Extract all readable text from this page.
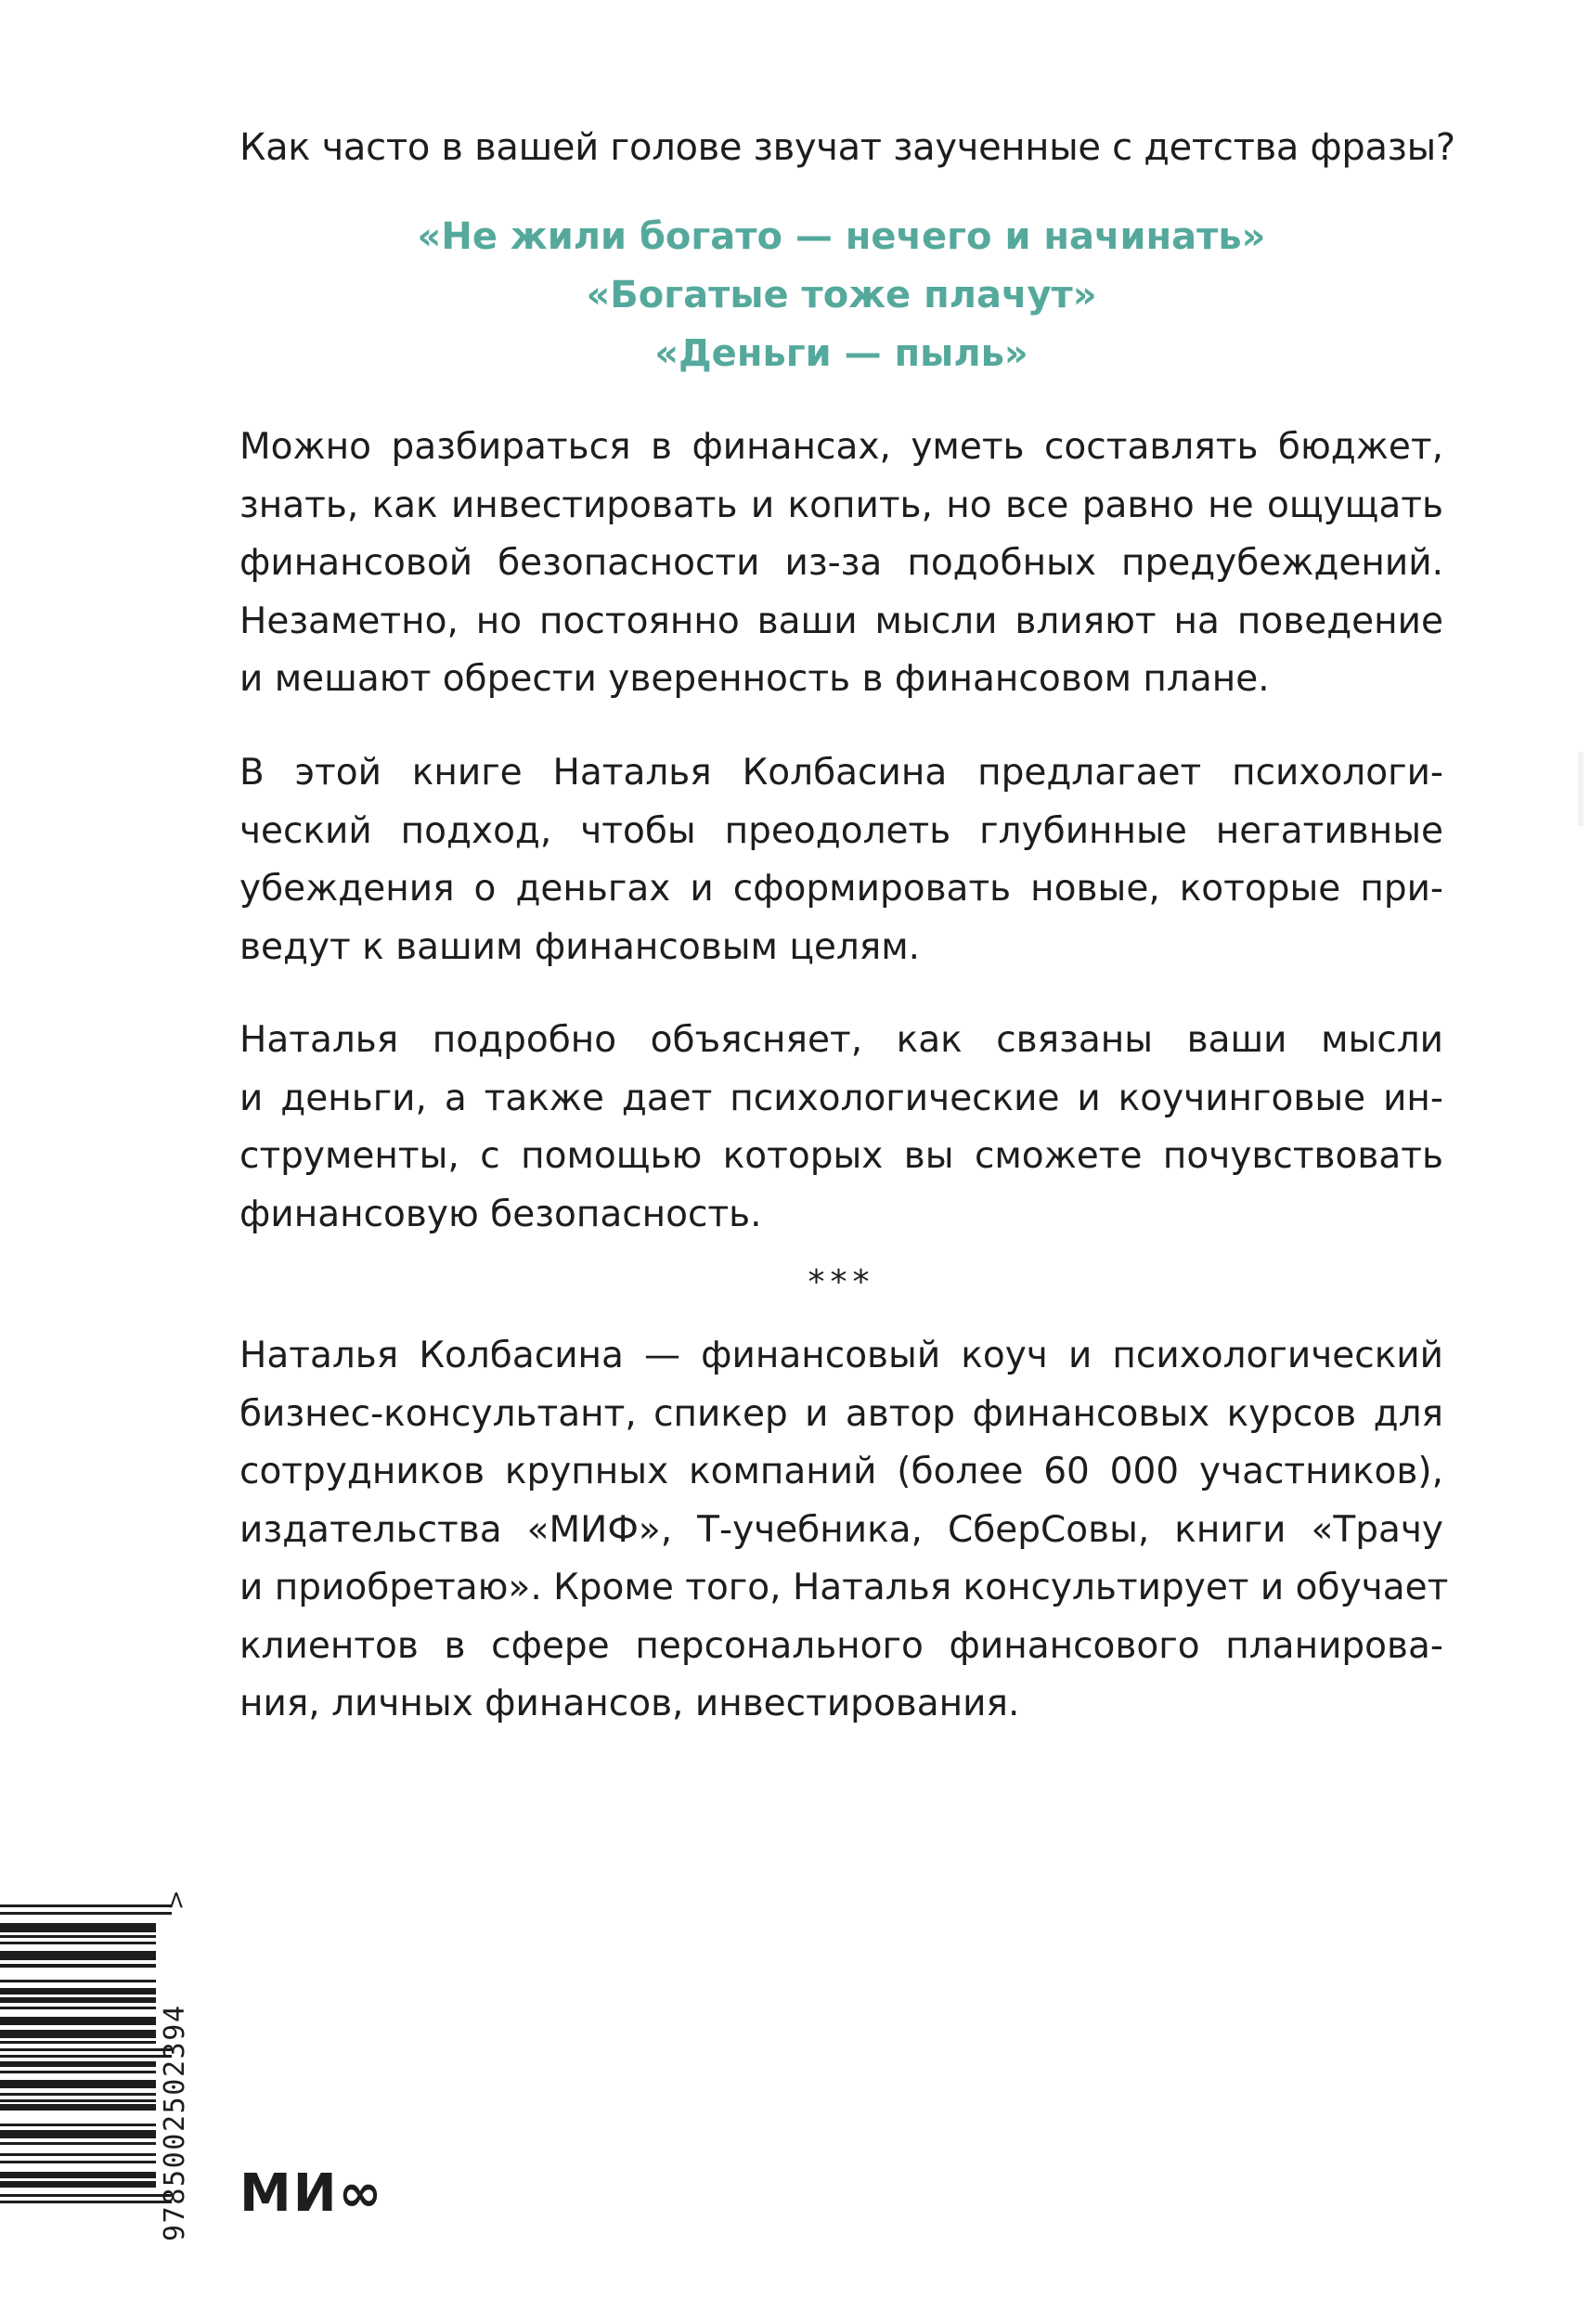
Как часто в вашей голове звучат заученные с детства фразы?
«Не жили богато — нечего и начинать»
«Богатые тоже плачут»
«Деньги — пыль»
Можно разбираться в финансах, уметь составлять бюджет,
знать, как инвестировать и копить, но все равно не ощущать
финансовой безопасности из-за подобных предубеждений.
Незаметно, но постоянно ваши мысли влияют на поведение
и мешают обрести уверенность в финансовом плане.
В этой книге Наталья Колбасина предлагает психологи-
ческий подход, чтобы преодолеть глубинные негативные
убеждения о деньгах и сформировать новые, которые при-
ведут к вашим финансовым целям.
Наталья подробно объясняет, как связаны ваши мысли
и деньги, а также дает психологические и коучинговые ин-
струменты, с помощью которых вы сможете почувствовать
финансовую безопасность.
***
Наталья Колбасина — финансовый коуч и психологический
бизнес-консультант, спикер и автор финансовых курсов для
сотрудников крупных компаний (более 60 000 участников),
издательства «МИФ», Т-учебника, СберСовы, книги «Трачу
и приобретаю». Кроме того, Наталья консультирует и обучает
клиентов в сфере персонального финансового планирова-
ния, личных финансов, инвестирования.
9785002502394
>
МИ∞
